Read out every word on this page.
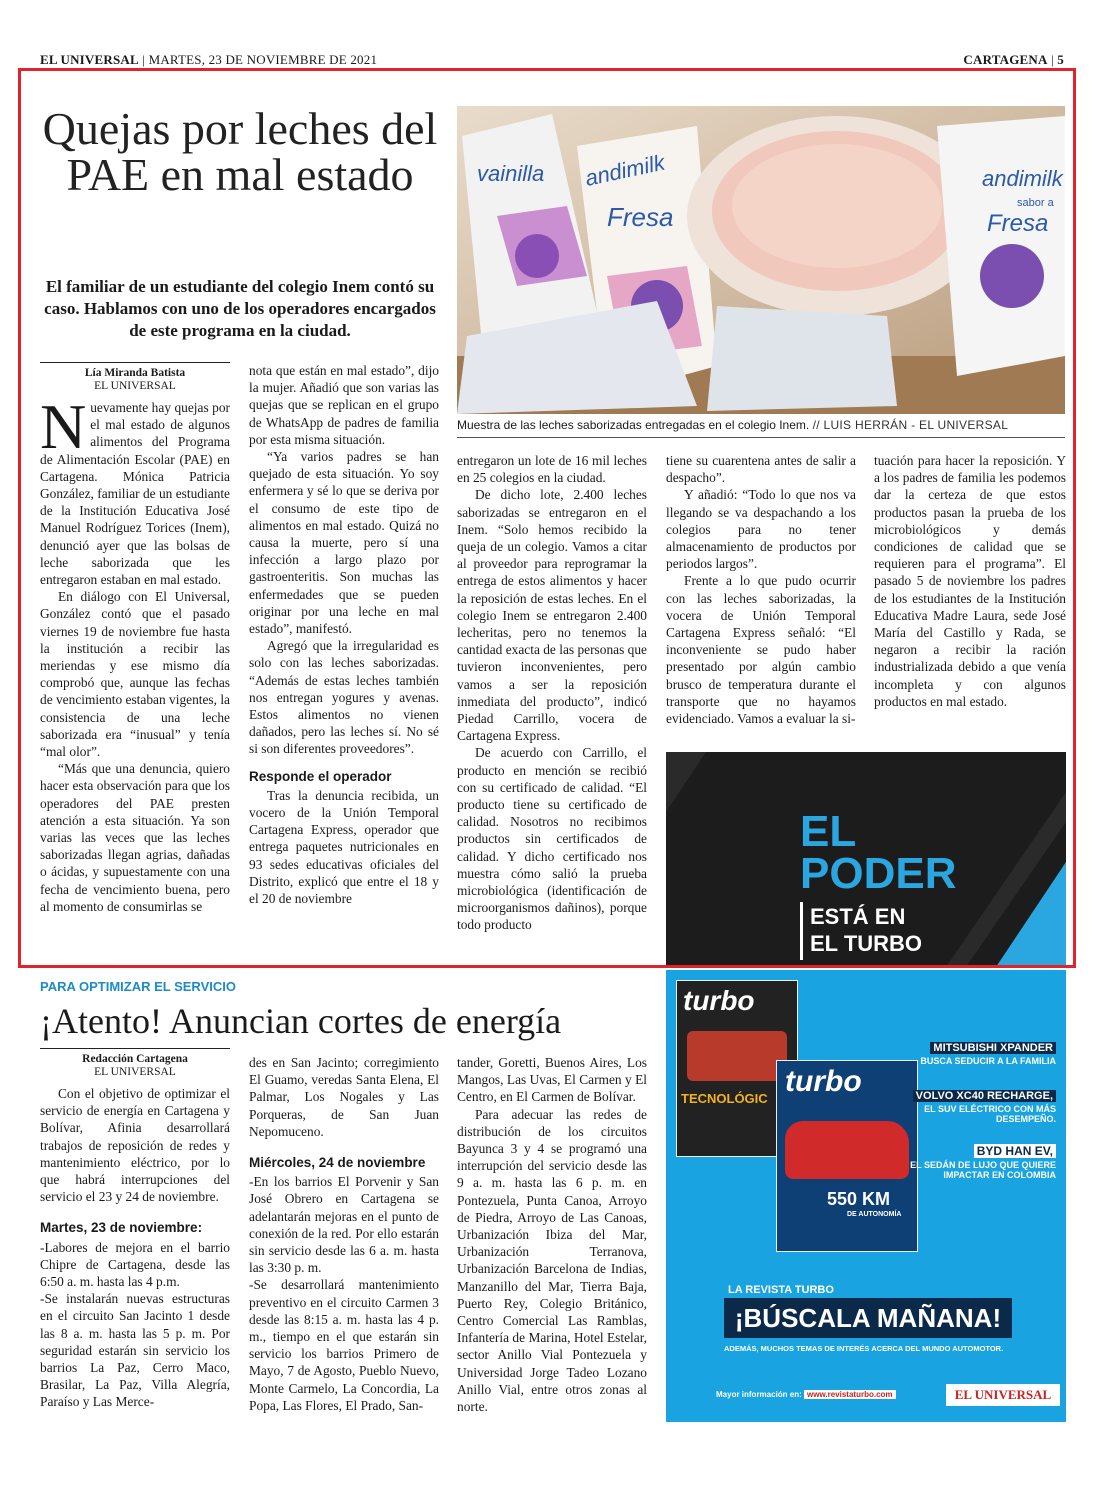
EL UNIVERSAL | MARTES, 23 DE NOVIEMBRE DE 2021	CARTAGENA | 5
Quejas por leches del PAE en mal estado
El familiar de un estudiante del colegio Inem contó su caso. Hablamos con uno de los operadores encargados de este programa en la ciudad.
vainilla andimilk
Fresa
andimilk
sabor a
Fresa
Muestra de las leches saborizadas entregadas en el colegio Inem. // LUIS HERRÁN - EL UNIVERSAL
Lía Miranda Batista
EL UNIVERSAL

Nuevamente hay quejas por el mal estado de algunos alimentos del Programa de Alimentación Escolar (PAE) en Cartagena. Mónica Patricia González, familiar de un estudiante de la Institución Educativa José Manuel Rodríguez Torices (Inem), denunció ayer que las bolsas de leche saborizada que les entregaron estaban en mal estado.

En diálogo con El Universal, González contó que el pasado viernes 19 de noviembre fue hasta la institución a recibir las meriendas y ese mismo día comprobó que, aunque las fechas de vencimiento estaban vigentes, la consistencia de una leche saborizada era “inusual” y tenía “mal olor”.

“Más que una denuncia, quiero hacer esta observación para que los operadores del PAE presten atención a esta situación. Ya son varias las veces que las leches saborizadas llegan agrias, dañadas o ácidas, y supuestamente con una fecha de vencimiento buena, pero al momento de consumirlas se

nota que están en mal estado”, dijo la mujer. Añadió que son varias las quejas que se replican en el grupo de WhatsApp de padres de familia por esta misma situación.

“Ya varios padres se han quejado de esta situación. Yo soy enfermera y sé lo que se deriva por el consumo de este tipo de alimentos en mal estado. Quizá no causa la muerte, pero sí una infección a largo plazo por gastroenteritis. Son muchas las enfermedades que se pueden originar por una leche en mal estado”, manifestó.

Agregó que la irregularidad es solo con las leches saborizadas. “Además de estas leches también nos entregan yogures y avenas. Estos alimentos no vienen dañados, pero las leches sí. No sé si son diferentes proveedores”.

Responde el operador

Tras la denuncia recibida, un vocero de la Unión Temporal Cartagena Express, operador que entrega paquetes nutricionales en 93 sedes educativas oficiales del Distrito, explicó que entre el 18 y el 20 de noviembre

entregaron un lote de 16 mil leches en 25 colegios en la ciudad.

De dicho lote, 2.400 leches saborizadas se entregaron en el Inem. “Solo hemos recibido la queja de un colegio. Vamos a citar al proveedor para reprogramar la entrega de estos alimentos y hacer la reposición de estas leches. En el colegio Inem se entregaron 2.400 lecheritas, pero no tenemos la cantidad exacta de las personas que tuvieron inconvenientes, pero vamos a ser la reposición inmediata del producto”, indicó Piedad Carrillo, vocera de Cartagena Express.

De acuerdo con Carrillo, el producto en mención se recibió con su certificado de calidad. “El producto tiene su certificado de calidad. Nosotros no recibimos productos sin certificados de calidad. Y dicho certificado nos muestra cómo salió la prueba microbiológica (identificación de microorganismos dañinos), porque todo producto

tiene su cuarentena antes de salir a despacho”.

Y añadió: “Todo lo que nos va llegando se va despachando a los colegios para no tener almacenamiento de productos por periodos largos”.

Frente a lo que pudo ocurrir con las leches saborizadas, la vocera de Unión Temporal Cartagena Express señaló: “El inconveniente se pudo haber presentado por algún cambio brusco de temperatura durante el transporte que no hayamos evidenciado. Vamos a evaluar la si-

tuación para hacer la reposición. Y a los padres de familia les podemos dar la certeza de que estos productos pasan la prueba de los microbiológicos y demás condiciones de calidad que se requieren para el programa”. El pasado 5 de noviembre los padres de los estudiantes de la Institución Educativa Madre Laura, sede José María del Castillo y Rada, se negaron a recibir la ración industrializada debido a que venía incompleta y con algunos productos en mal estado.

EL
PODER
ESTÁ EN
EL TURBO
PARA OPTIMIZAR EL SERVICIO
¡Atento! Anuncian cortes de energía
Redacción Cartagena
EL UNIVERSAL

Con el objetivo de optimizar el servicio de energía en Cartagena y Bolívar, Afinia desarrollará trabajos de reposición de redes y mantenimiento eléctrico, por lo que habrá interrupciones del servicio el 23 y 24 de noviembre.

Martes, 23 de noviembre:

-Labores de mejora en el barrio Chipre de Cartagena, desde las 6:50 a. m. hasta las 4 p.m.

-Se instalarán nuevas estructuras en el circuito San Jacinto 1 desde las 8 a. m. hasta las 5 p. m. Por seguridad estarán sin servicio los barrios La Paz, Cerro Maco, Brasilar, La Paz, Villa Alegría, Paraíso y Las Merce-

des en San Jacinto; corregimiento El Guamo, veredas Santa Elena, El Palmar, Los Nogales y Las Porqueras, de San Juan Nepomuceno.

Miércoles, 24 de noviembre

-En los barrios El Porvenir y San José Obrero en Cartagena se adelantarán mejoras en el punto de conexión de la red. Por ello estarán sin servicio desde las 6 a. m. hasta las 3:30 p. m.

-Se desarrollará mantenimiento preventivo en el circuito Carmen 3 desde las 8:15 a. m. hasta las 4 p. m., tiempo en el que estarán sin servicio los barrios Primero de Mayo, 7 de Agosto, Pueblo Nuevo, Monte Carmelo, La Concordia, La Popa, Las Flores, El Prado, San-

tander, Goretti, Buenos Aires, Los Mangos, Las Uvas, El Carmen y El Centro, en El Carmen de Bolívar.

Para adecuar las redes de distribución de los circuitos Bayunca 3 y 4 se programó una interrupción del servicio desde las 9 a. m. hasta las 6 p. m. en Pontezuela, Punta Canoa, Arroyo de Piedra, Arroyo de Las Canoas, Urbanización Ibiza del Mar, Urbanización Terranova, Urbanización Barcelona de Indias, Manzanillo del Mar, Tierra Baja, Puerto Rey, Colegio Británico, Centro Comercial Las Ramblas, Infantería de Marina, Hotel Estelar, sector Anillo Vial Pontezuela y Universidad Jorge Tadeo Lozano Anillo Vial, entre otros zonas al norte.

turbo
TECNOLÓGIC
turbo
550 KM
DE AUTONOMÍA
MITSUBISHI XPANDER
BUSCA SEDUCIR A LA FAMILIA
VOLVO XC40 RECHARGE,
EL SUV ELÉCTRICO CON MÁS DESEMPEÑO.
BYD HAN EV,
EL SEDÁN DE LUJO QUE QUIERE IMPACTAR EN COLOMBIA
LA REVISTA TURBO
¡BÚSCALA MAÑANA!
ADEMÁS, MUCHOS TEMAS DE INTERÉS ACERCA DEL MUNDO AUTOMOTOR.
Mayor información en: www.revistaturbo.com	EL UNIVERSAL
